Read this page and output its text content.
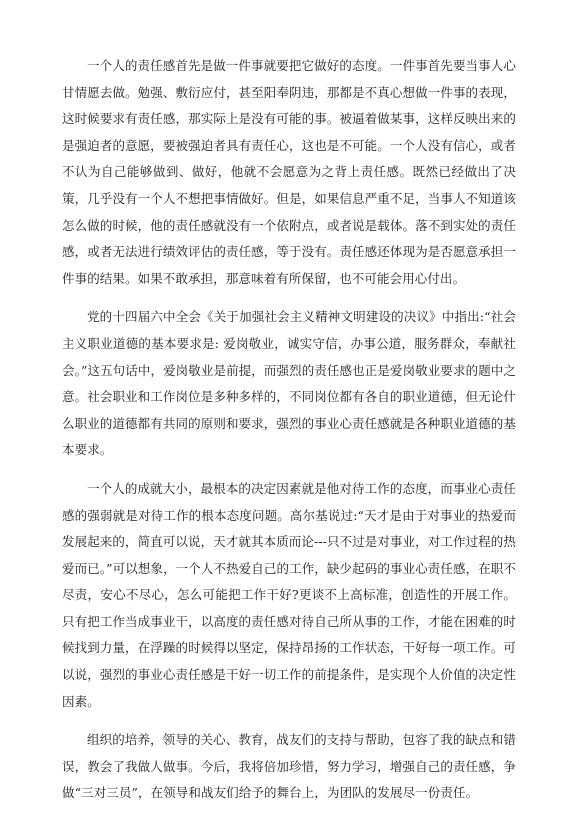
一个人的责任感首先是做一件事就要把它做好的态度。一件事首先要当事人心甘情愿去做。勉强、敷衍应付，甚至阳奉阴违，那都是不真心想做一件事的表现，这时候要求有责任感，那实际上是没有可能的事。被逼着做某事，这样反映出来的是强迫者的意愿，要被强迫者具有责任心，这也是不可能。一个人没有信心，或者不认为自己能够做到、做好，他就不会愿意为之背上责任感。既然已经做出了决策，几乎没有一个人不想把事情做好。但是，如果信息严重不足，当事人不知道该怎么做的时候，他的责任感就没有一个依附点，或者说是载体。落不到实处的责任感，或者无法进行绩效评估的责任感，等于没有。责任感还体现为是否愿意承担一件事的结果。如果不敢承担，那意味着有所保留，也不可能会用心付出。

党的十四届六中全会《关于加强社会主义精神文明建设的决议》中指出:“社会主义职业道德的基本要求是: 爱岗敬业，诚实守信，办事公道，服务群众，奉献社会。”这五句话中，爱岗敬业是前提，而强烈的责任感也正是爱岗敬业要求的题中之意。社会职业和工作岗位是多种多样的，不同岗位都有各自的职业道德，但无论什么职业的道德都有共同的原则和要求，强烈的事业心责任感就是各种职业道德的基本要求。

一个人的成就大小，最根本的决定因素就是他对待工作的态度，而事业心责任感的强弱就是对待工作的根本态度问题。高尔基说过:“天才是由于对事业的热爱而发展起来的，简直可以说，天才就其本质而论---只不过是对事业，对工作过程的热爱而已。”可以想象，一个人不热爱自己的工作，缺少起码的事业心责任感，在职不尽责，安心不尽心，怎么可能把工作干好?更谈不上高标准，创造性的开展工作。只有把工作当成事业干，以高度的责任感对待自己所从事的工作，才能在困难的时候找到力量，在浮躁的时候得以坚定，保持昂扬的工作状态，干好每一项工作。可以说，强烈的事业心责任感是干好一切工作的前提条件，是实现个人价值的决定性因素。

组织的培养，领导的关心、教育，战友们的支持与帮助，包容了我的缺点和错误，教会了我做人做事。今后，我将倍加珍惜，努力学习，增强自己的责任感，争做“三对三员”，在领导和战友们给予的舞台上，为团队的发展尽一份责任。
